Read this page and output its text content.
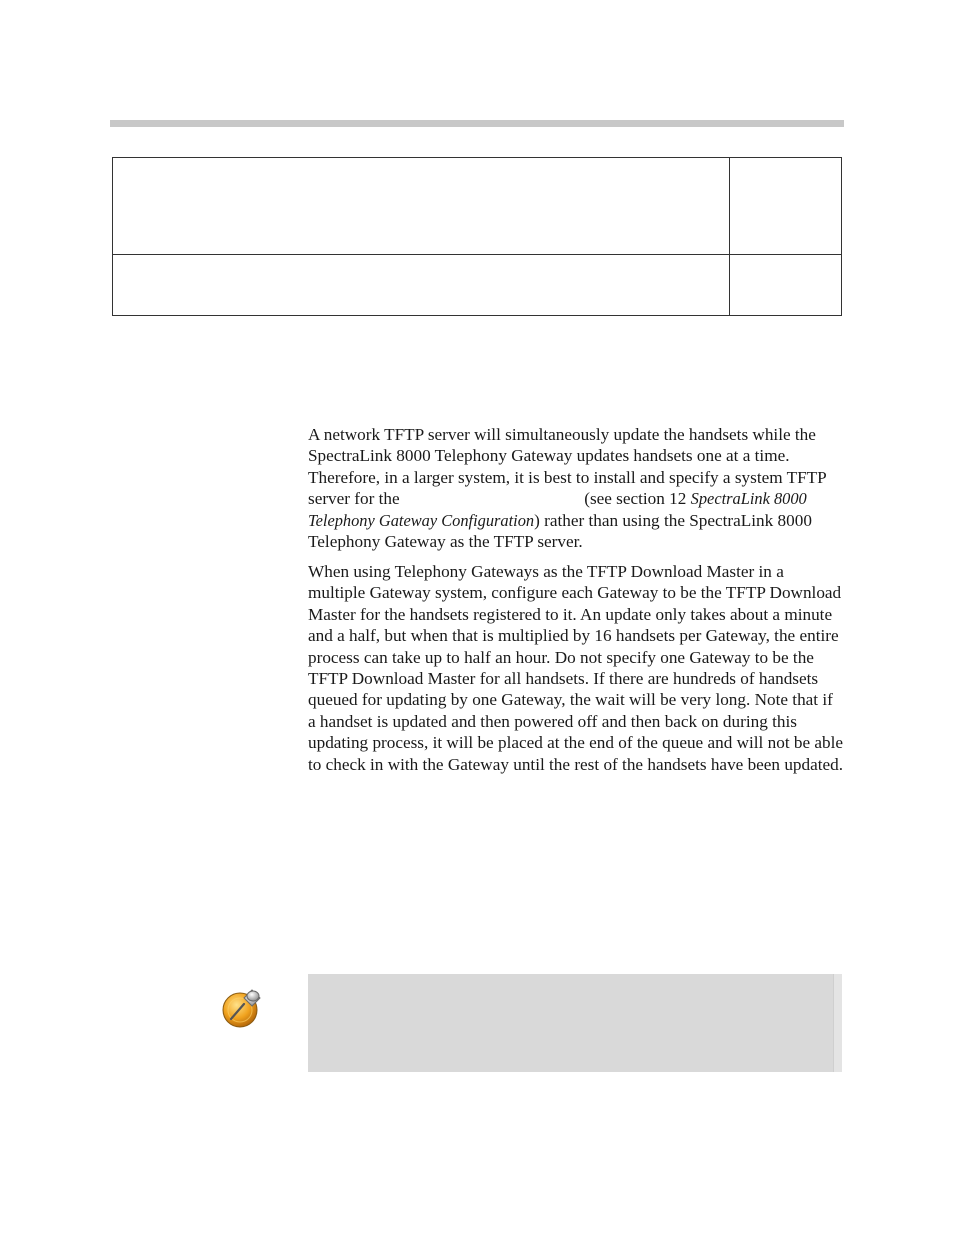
A network TFTP server will simultaneously update the handsets while the SpectraLink 8000 Telephony Gateway updates handsets one at a time. Therefore, in a larger system, it is best to install and specify a system TFTP server for the	(see section 12 SpectraLink 8000 Telephony Gateway Configuration) rather than using the SpectraLink 8000 Telephony Gateway as the TFTP server.

When using Telephony Gateways as the TFTP Download Master in a multiple Gateway system, configure each Gateway to be the TFTP Download Master for the handsets registered to it. An update only takes about a minute and a half, but when that is multiplied by 16 handsets per Gateway, the entire process can take up to half an hour. Do not specify one Gateway to be the TFTP Download Master for all handsets. If there are hundreds of handsets queued for updating by one Gateway, the wait will be very long. Note that if a handset is updated and then powered off and then back on during this updating process, it will be placed at the end of the queue and will not be able to check in with the Gateway until the rest of the handsets have been updated.
